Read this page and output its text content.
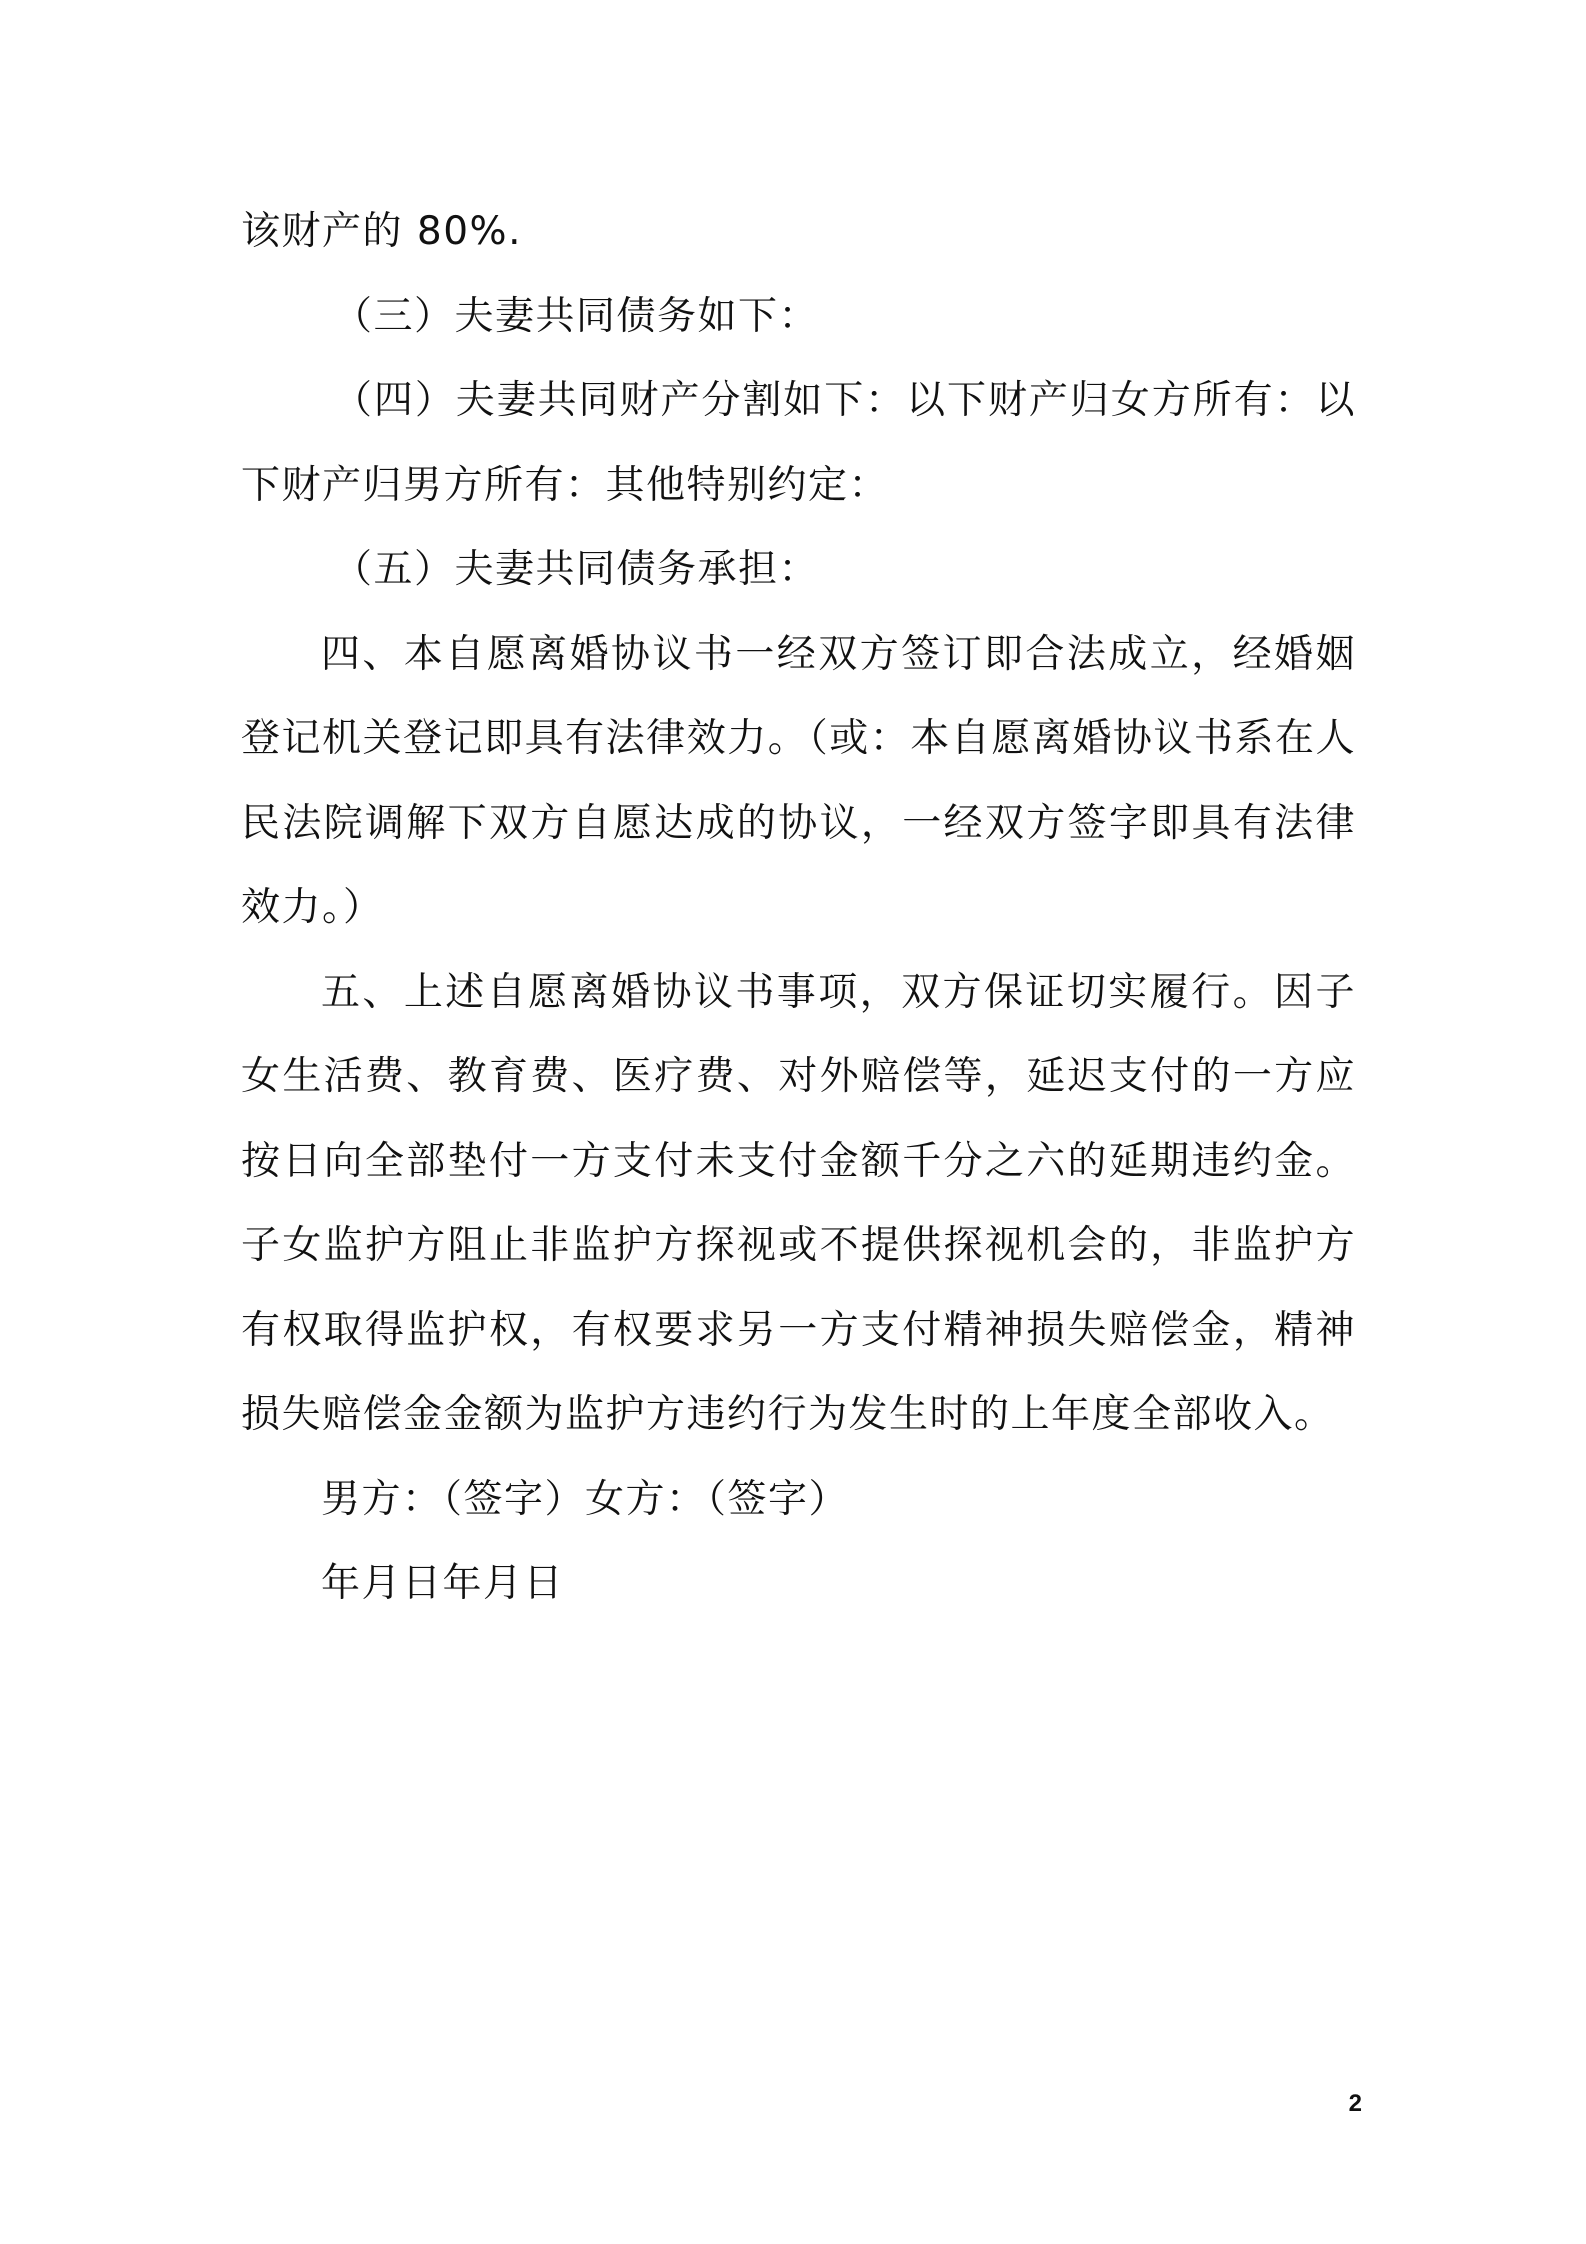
该财产的 80%.

（三）夫妻共同债务如下：

（四）夫妻共同财产分割如下：以下财产归女方所有：以下财产归男方所有：其他特别约定：

（五）夫妻共同债务承担：

四、本自愿离婚协议书一经双方签订即合法成立，经婚姻登记机关登记即具有法律效力。（或：本自愿离婚协议书系在人民法院调解下双方自愿达成的协议，一经双方签字即具有法律效力。）

五、上述自愿离婚协议书事项，双方保证切实履行。因子女生活费、教育费、医疗费、对外赔偿等，延迟支付的一方应按日向全部垫付一方支付未支付金额千分之六的延期违约金。子女监护方阻止非监护方探视或不提供探视机会的，非监护方有权取得监护权，有权要求另一方支付精神损失赔偿金，精神损失赔偿金金额为监护方违约行为发生时的上年度全部收入。

男方：（签字）女方：（签字）

年月日年月日

2
